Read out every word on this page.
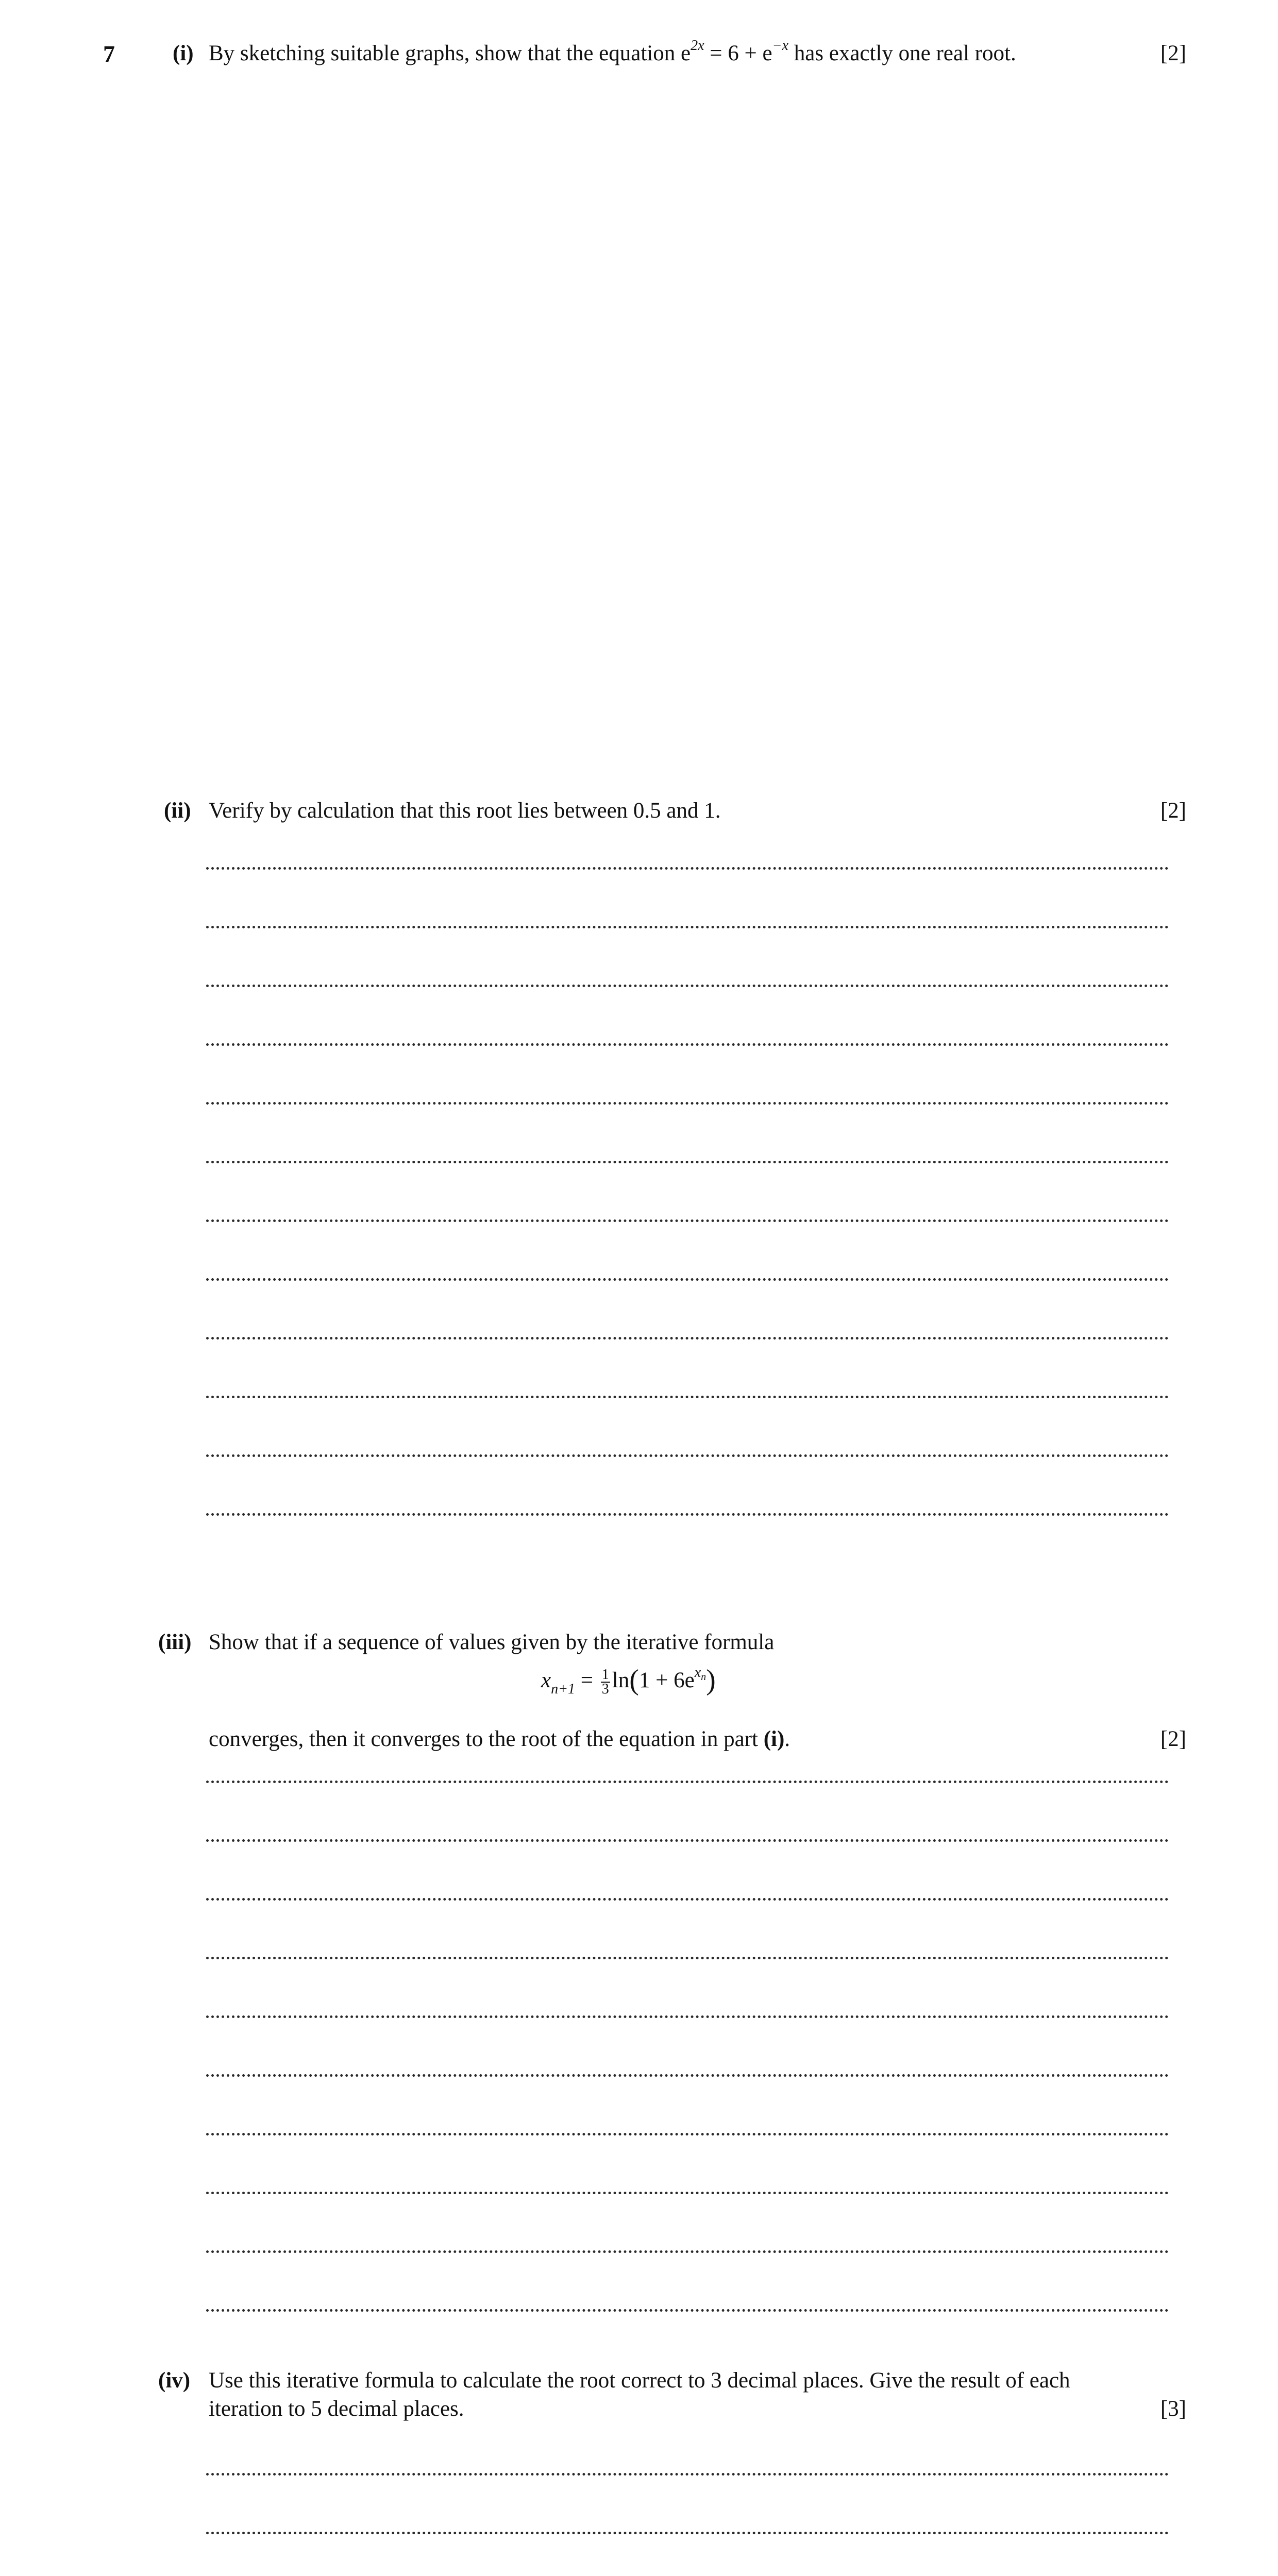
7	(i) By sketching suitable graphs, show that the equation $e^{2x} = 6 + e^{-x}$ has exactly one real root.	[2]
(ii) Verify by calculation that this root lies between 0.5 and 1.	[2]
(iii) Show that if a sequence of values given by the iterative formula
$x_{n+1} = \frac{1}{3} \ln(1 + 6e^{x_n})$
converges, then it converges to the root of the equation in part (i).	[2]
(iv) Use this iterative formula to calculate the root correct to 3 decimal places. Give the result of each
iteration to 5 decimal places.	[3]
